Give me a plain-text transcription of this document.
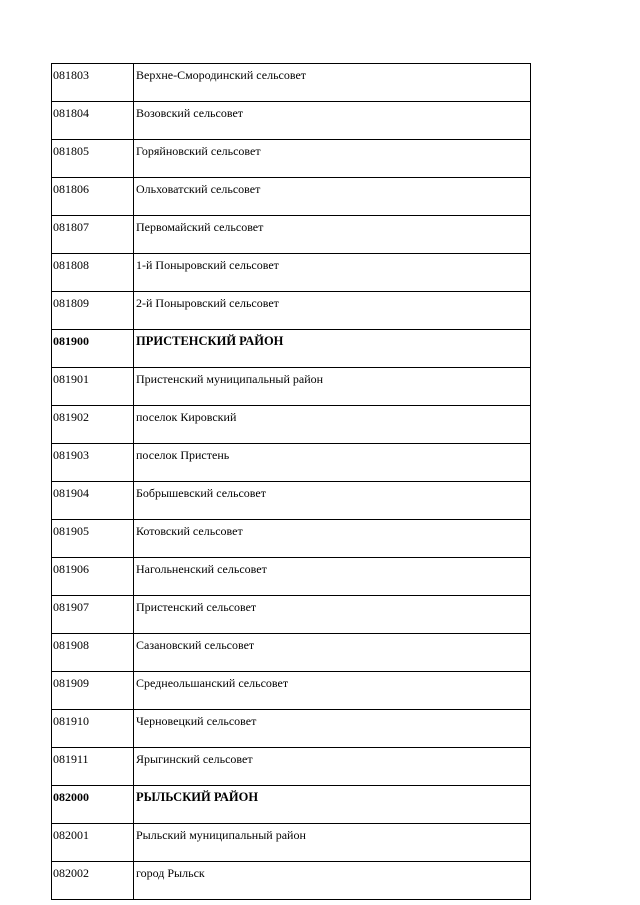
081803	Верхне-Смородинский сельсовет
081804	Возовский сельсовет
081805	Горяйновский сельсовет
081806	Ольховатский сельсовет
081807	Первомайский сельсовет
081808	1-й Поныровский сельсовет
081809	2-й Поныровский сельсовет
081900	ПРИСТЕНСКИЙ РАЙОН
081901	Пристенский муниципальный район
081902	поселок Кировский
081903	поселок Пристень
081904	Бобрышевский сельсовет
081905	Котовский сельсовет
081906	Нагольненский сельсовет
081907	Пристенский сельсовет
081908	Сазановский сельсовет
081909	Среднеольшанский сельсовет
081910	Черновецкий сельсовет
081911	Ярыгинский сельсовет
082000	РЫЛЬСКИЙ РАЙОН
082001	Рыльский муниципальный район
082002	город Рыльск
